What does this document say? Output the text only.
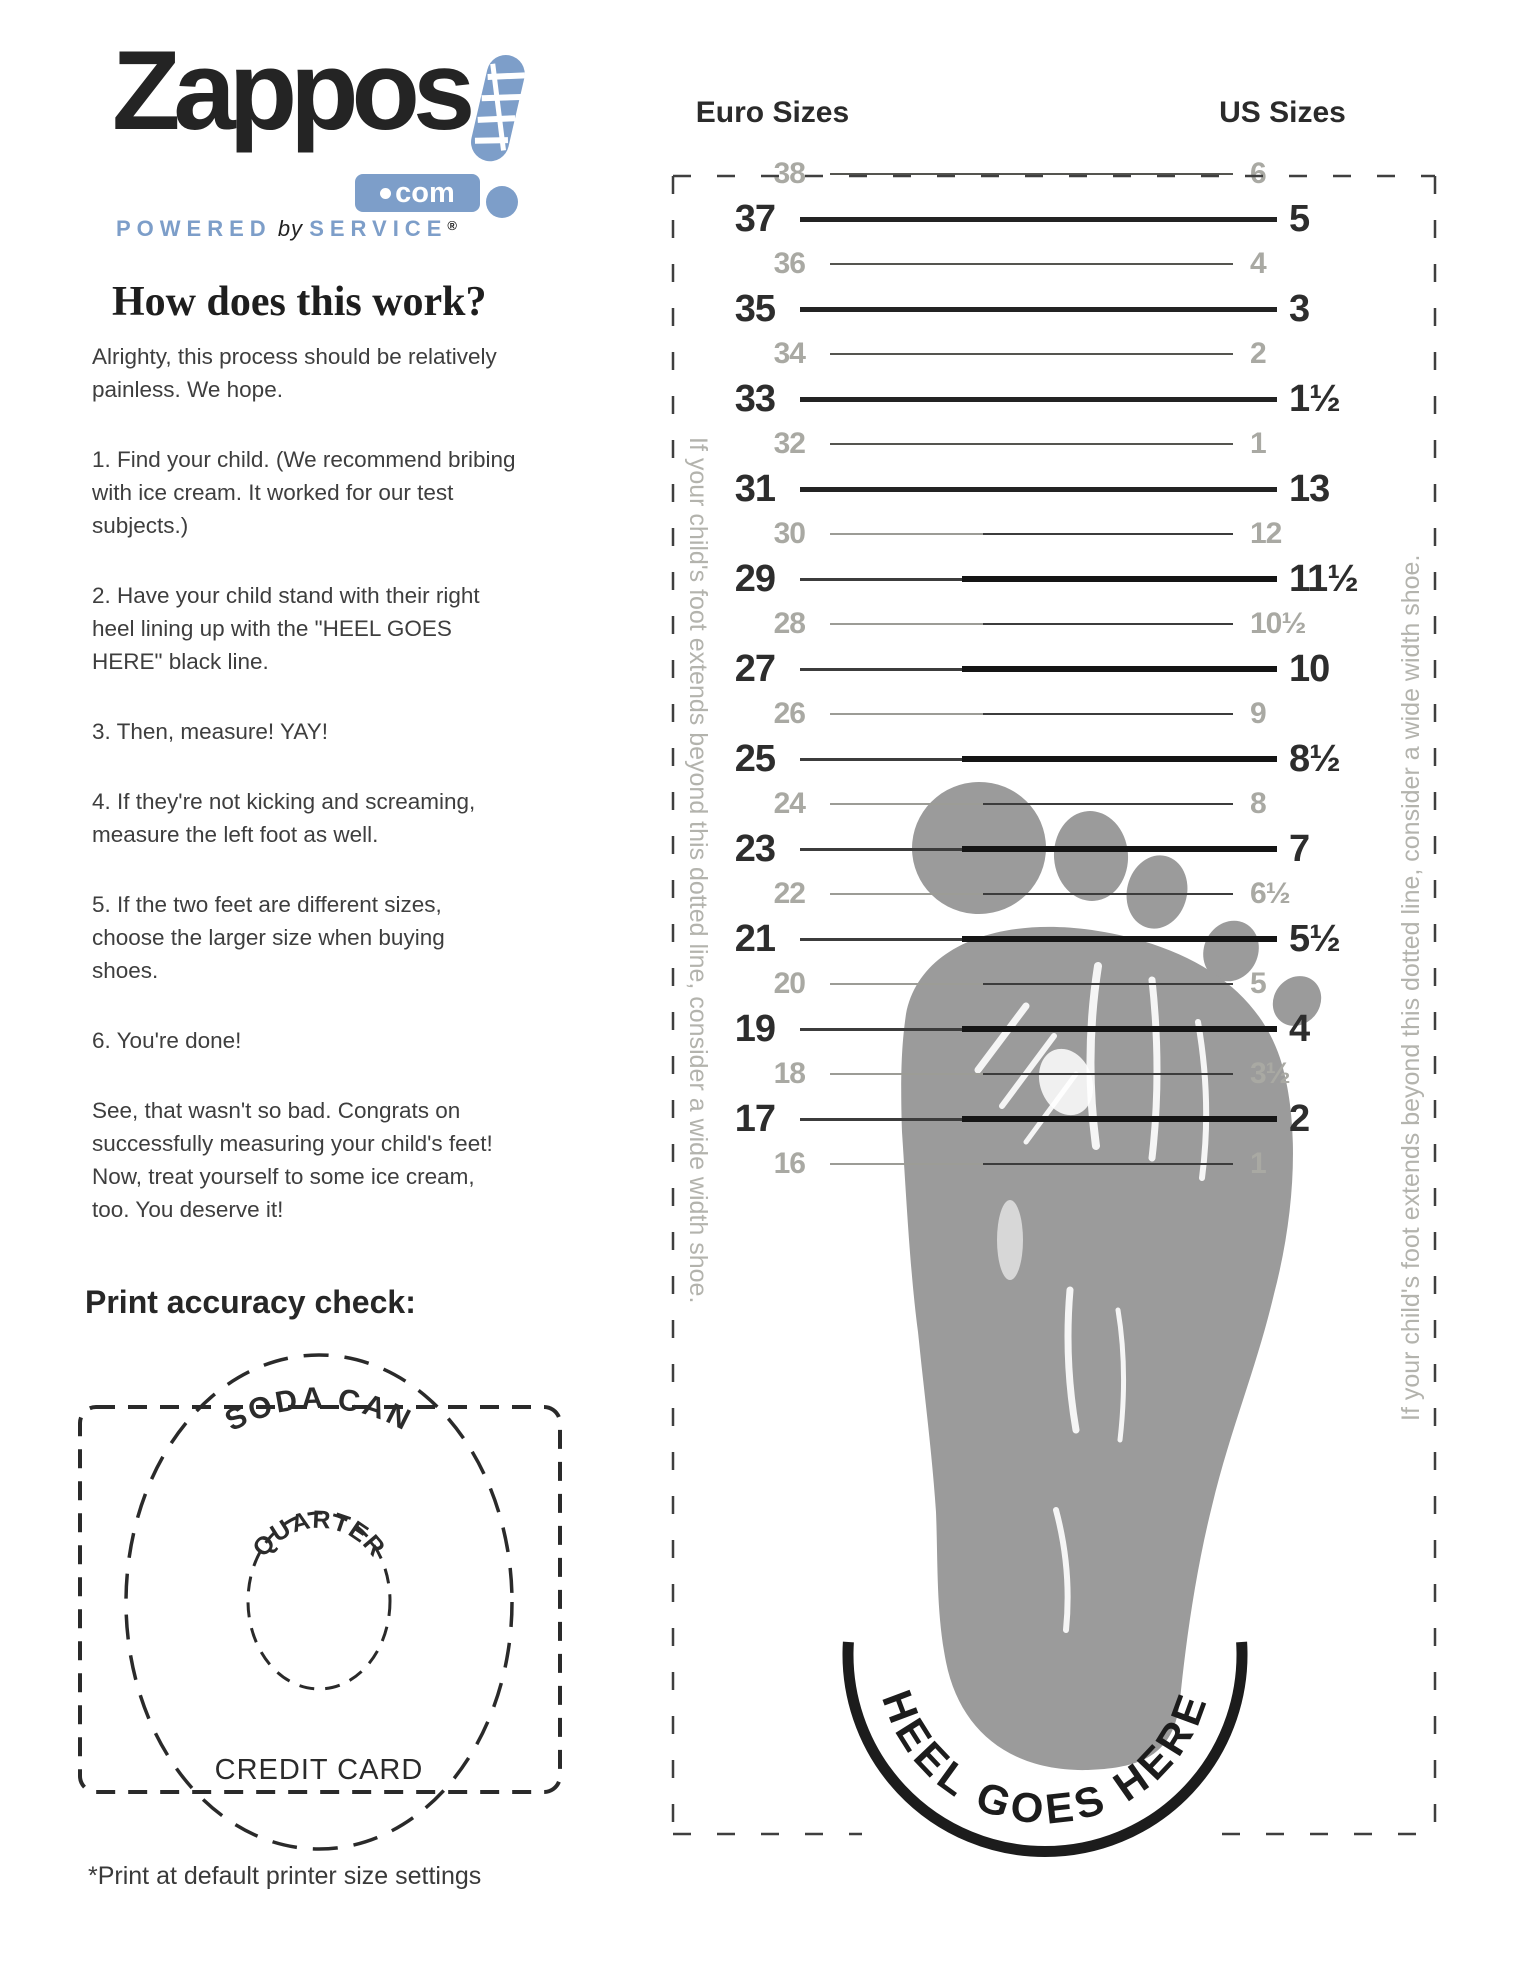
Zappos
com
POWERED by SERVICE®
How does this work?

Alrighty, this process should be relatively painless. We hope.

1. Find your child. (We recommend bribing with ice cream. It worked for our test subjects.)

2. Have your child stand with their right heel lining up with the "HEEL GOES HERE" black line.

3. Then, measure! YAY!

4. If they're not kicking and screaming, measure the left foot as well.

5. If the two feet are different sizes, choose the larger size when buying shoes.

6. You're done!

See, that wasn't so bad. Congrats on successfully measuring your child's feet! Now, treat yourself to some ice cream, too. You deserve it!

Print accuracy check:
*Print at default printer size settings
Euro Sizes	US Sizes
38	6
37	5
36	4
35	3
34	2
33	1½
32	1
31	13
30	12
29	11½
28	10½
27	10
26	9
25	8½
24	8
23	7
22	6½
21	5½
20	5
19	4
18	3½
17	2
16	1
If your child's foot extends beyond this dotted line, consider a wide width shoe.	If your child's foot extends beyond this dotted line, consider a wide width shoe.
HEEL GOES HERE
SODA CAN
QUARTER
CREDIT CARD
